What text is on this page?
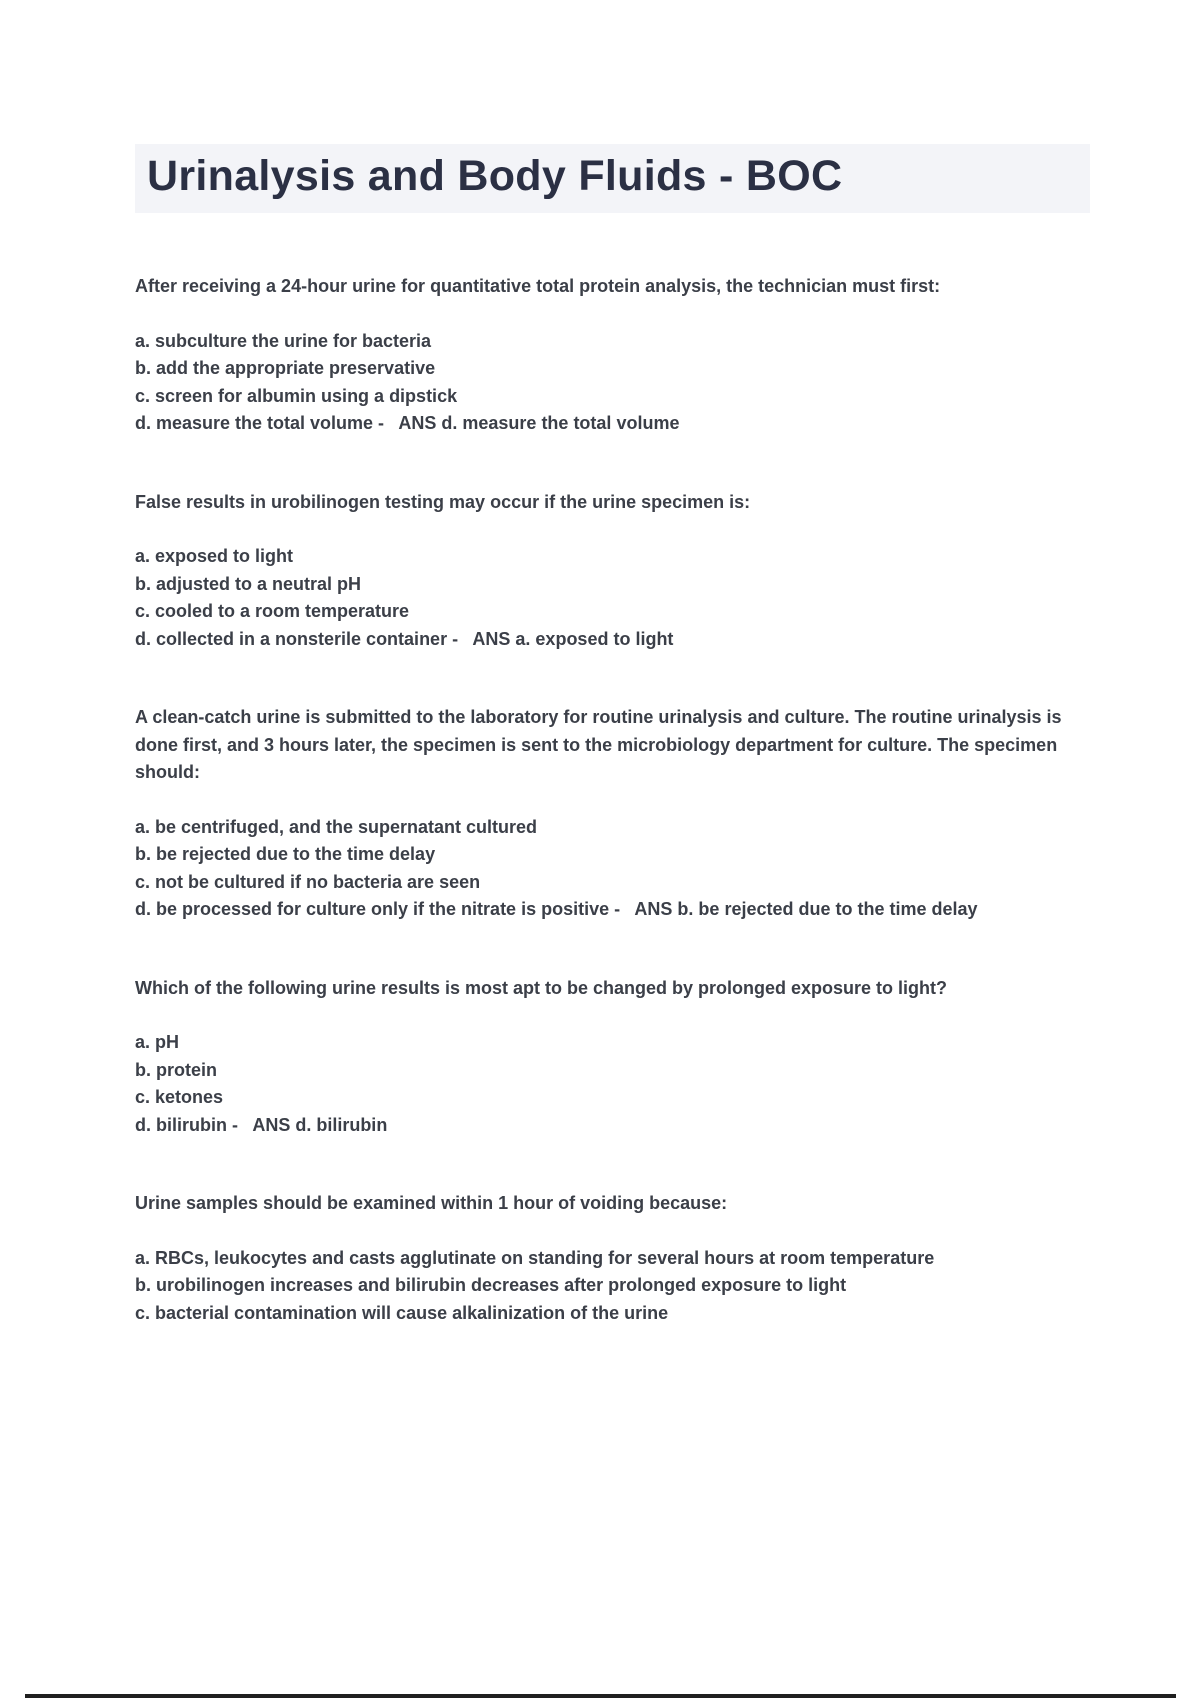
Urinalysis and Body Fluids - BOC

After receiving a 24-hour urine for quantitative total protein analysis, the technician must first:

a. subculture the urine for bacteria
b. add the appropriate preservative
c. screen for albumin using a dipstick
d. measure the total volume -   ANS d. measure the total volume

False results in urobilinogen testing may occur if the urine specimen is:

a. exposed to light
b. adjusted to a neutral pH
c. cooled to a room temperature
d. collected in a nonsterile container -   ANS a. exposed to light

A clean-catch urine is submitted to the laboratory for routine urinalysis and culture. The routine urinalysis is done first, and 3 hours later, the specimen is sent to the microbiology department for culture. The specimen should:

a. be centrifuged, and the supernatant cultured
b. be rejected due to the time delay
c. not be cultured if no bacteria are seen
d. be processed for culture only if the nitrate is positive -   ANS b. be rejected due to the time delay

Which of the following urine results is most apt to be changed by prolonged exposure to light?

a. pH
b. protein
c. ketones
d. bilirubin -   ANS d. bilirubin

Urine samples should be examined within 1 hour of voiding because:

a. RBCs, leukocytes and casts agglutinate on standing for several hours at room temperature
b. urobilinogen increases and bilirubin decreases after prolonged exposure to light
c. bacterial contamination will cause alkalinization of the urine
